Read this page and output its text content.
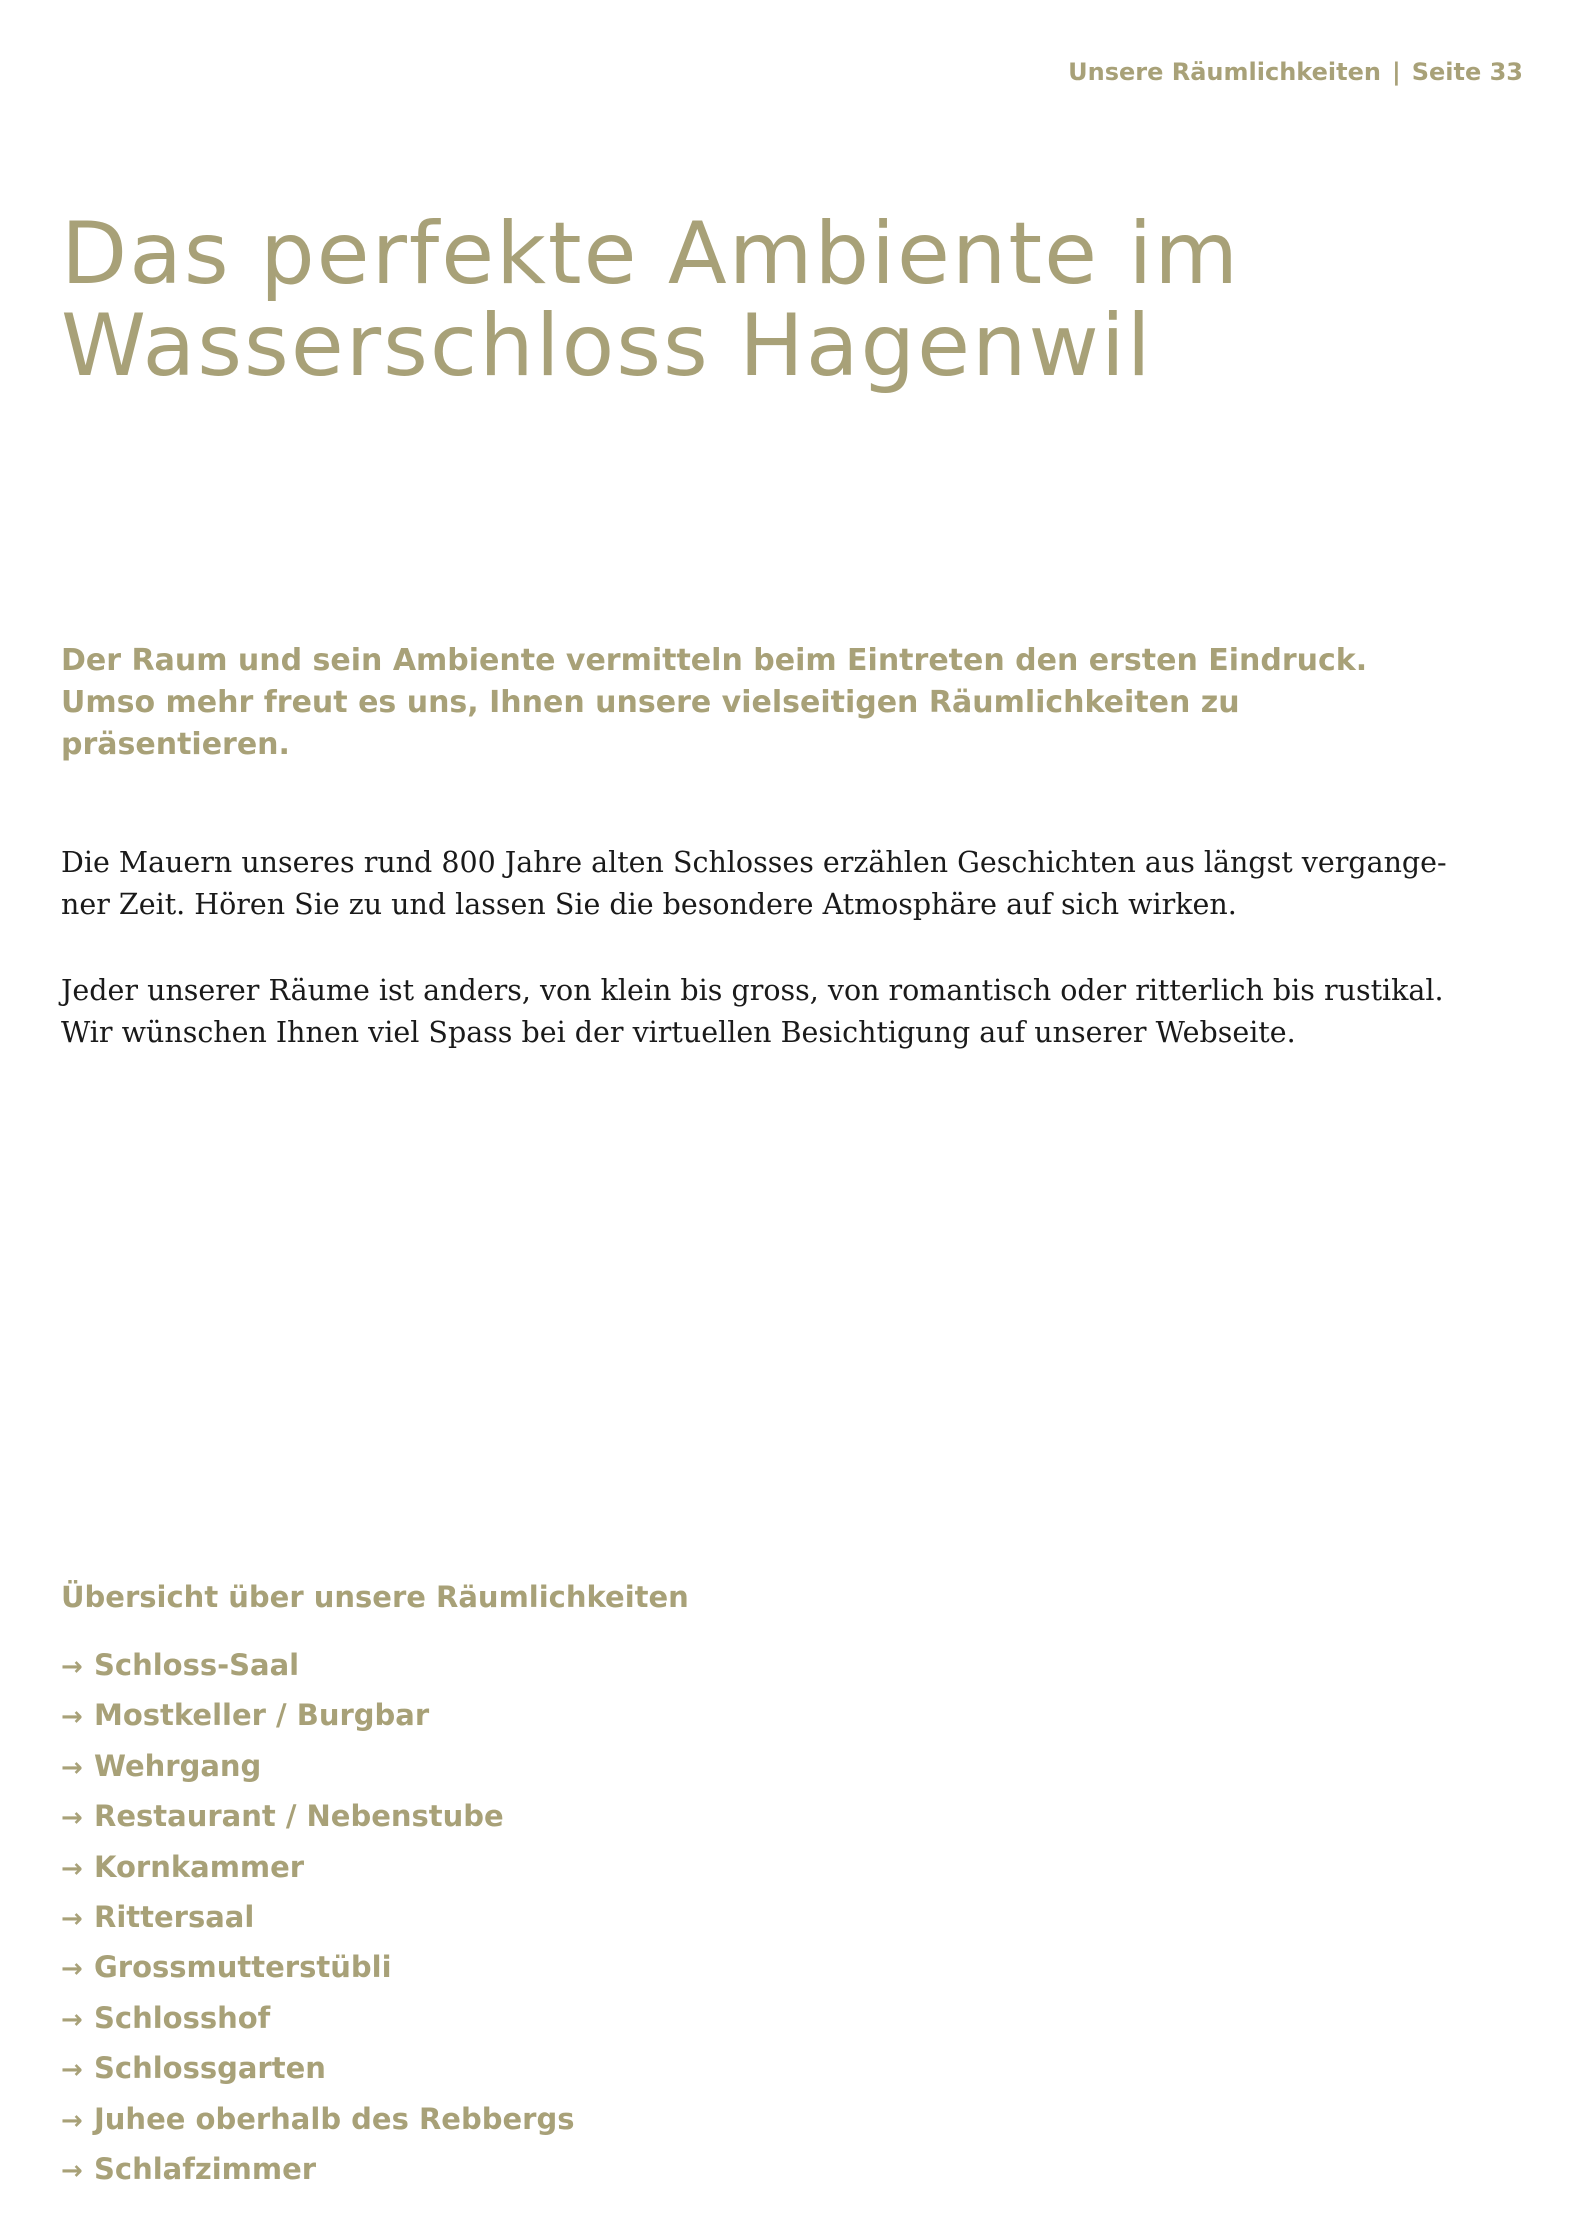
Unsere Räumlichkeiten | Seite 33
Das perfekte Ambiente im
Wasserschloss Hagenwil

Der Raum und sein Ambiente vermitteln beim Eintreten den ersten Eindruck.
Umso mehr freut es uns, Ihnen unsere vielseitigen Räumlichkeiten zu
präsentieren.

Die Mauern unseres rund 800 Jahre alten Schlosses erzählen Geschichten aus längst vergange-
ner Zeit. Hören Sie zu und lassen Sie die besondere Atmosphäre auf sich wirken.

Jeder unserer Räume ist anders, von klein bis gross, von romantisch oder ritterlich bis rustikal.
Wir wünschen Ihnen viel Spass bei der virtuellen Besichtigung auf unserer Webseite.

Übersicht über unsere Räumlichkeiten
→ Schloss-Saal
→ Mostkeller / Burgbar
→ Wehrgang
→ Restaurant / Nebenstube
→ Kornkammer
→ Rittersaal
→ Grossmutterstübli
→ Schlosshof
→ Schlossgarten
→ Juhee oberhalb des Rebbergs
→ Schlafzimmer
